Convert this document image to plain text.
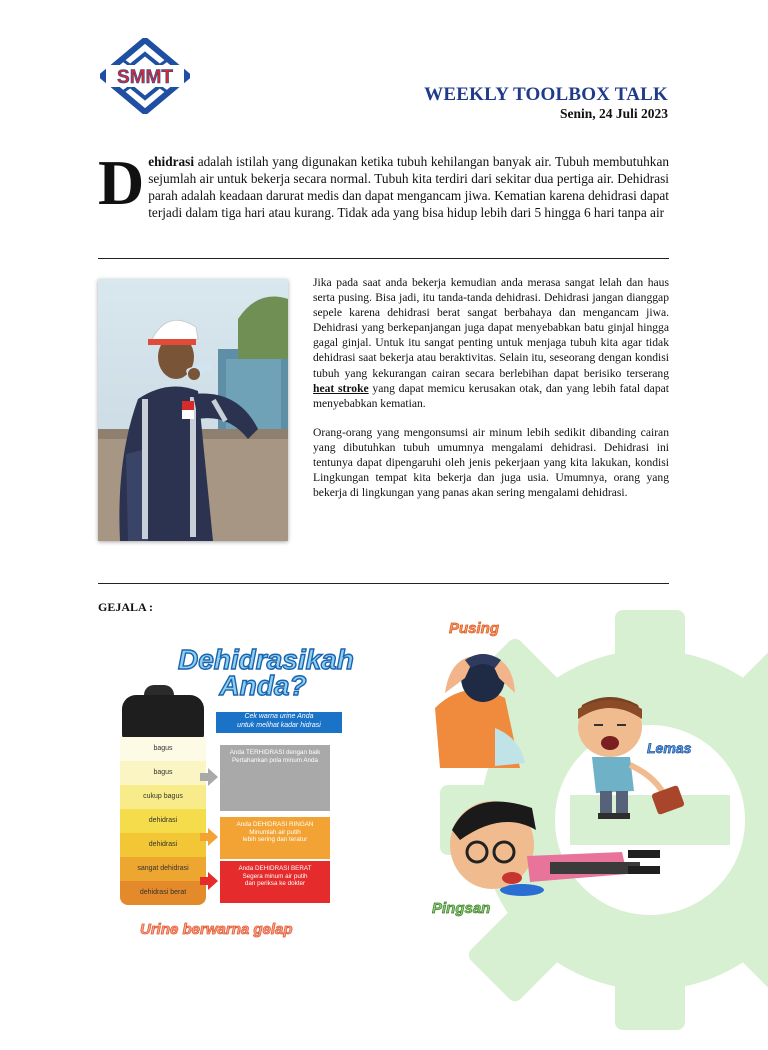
SMMT
WEEKLY TOOLBOX TALK
Senin, 24 Juli 2023
Dehidrasi adalah istilah yang digunakan ketika tubuh kehilangan banyak air. Tubuh membutuhkan sejumlah air untuk bekerja secara normal. Tubuh kita terdiri dari sekitar dua pertiga air. Dehidrasi parah adalah keadaan darurat medis dan dapat mengancam jiwa. Kematian karena dehidrasi dapat terjadi dalam tiga hari atau kurang. Tidak ada yang bisa hidup lebih dari 5 hingga 6 hari tanpa air

Jika pada saat anda bekerja kemudian anda merasa sangat lelah dan haus serta pusing. Bisa jadi, itu tanda-tanda dehidrasi. Dehidrasi jangan dianggap sepele karena dehidrasi berat sangat berbahaya dan mengancam jiwa. Dehidrasi yang berkepanjangan juga dapat menyebabkan batu ginjal hingga gagal ginjal. Untuk itu sangat penting untuk menjaga tubuh kita agar tidak dehidrasi saat bekerja atau beraktivitas. Selain itu, seseorang dengan kondisi tubuh yang kekurangan cairan secara berlebihan dapat berisiko terserang heat stroke yang dapat memicu kerusakan otak, dan yang lebih fatal dapat menyebabkan kematian.

Orang-orang yang mengonsumsi air minum lebih sedikit dibanding cairan yang dibutuhkan tubuh umumnya mengalami dehidrasi. Dehidrasi ini tentunya dapat dipengaruhi oleh jenis pekerjaan yang kita lakukan, kondisi Lingkungan tempat kita bekerja dan juga usia. Umumnya, orang yang bekerja di lingkungan yang panas akan sering mengalami dehidrasi.

GEJALA :
Dehidrasikah
Anda?
Cek warna urine Anda
untuk melihat kadar hidrasi
bagus
bagus
cukup bagus
dehidrasi
dehidrasi
sangat dehidrasi
dehidrasi berat
Anda TERHIDRASI dengan baik
Pertahankan pola minum Anda
Anda DEHIDRASI RINGAN
Minumlah air putih
lebih sering dan teratur
Anda DEHIDRASI BERAT
Segera minum air putih
dan periksa ke dokter
Urine berwarna gelap
Pusing
Lemas
Pingsan
